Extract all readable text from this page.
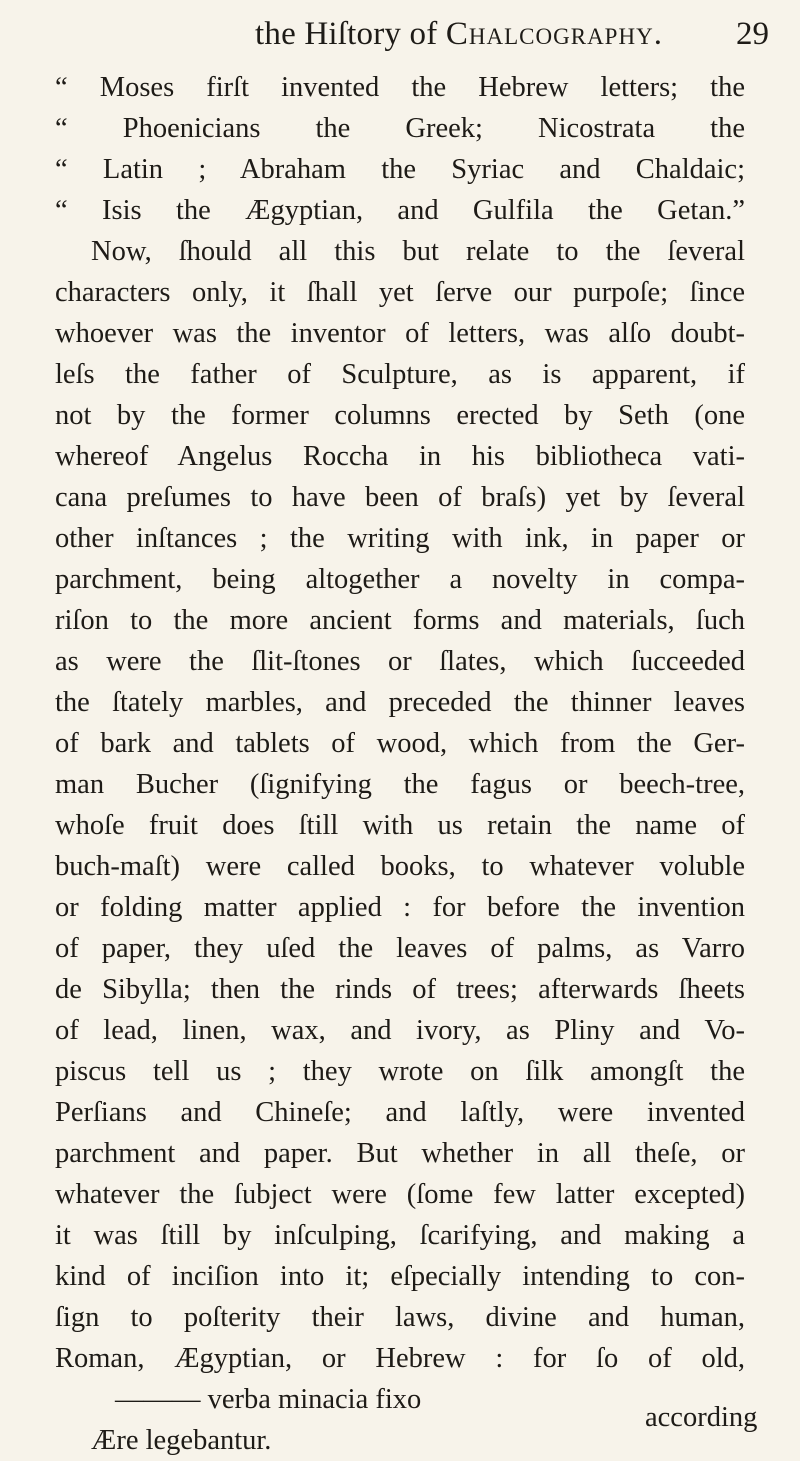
the Hiſtory of Chalcography. 29
“ Moses firſt invented the Hebrew letters; the
“ Phoenicians the Greek; Nicostrata the
“ Latin ; Abraham the Syriac and Chaldaic;
“ Isis the Ægyptian, and Gulfila the Getan.”
Now, ſhould all this but relate to the ſeveral
characters only, it ſhall yet ſerve our purpoſe; ſince
whoever was the inventor of letters, was alſo doubt-
leſs the father of Sculpture, as is apparent, if
not by the former columns erected by Seth (one
whereof Angelus Roccha in his bibliotheca vati-
cana preſumes to have been of braſs) yet by ſeveral
other inſtances ; the writing with ink, in paper or
parchment, being altogether a novelty in compa-
riſon to the more ancient forms and materials, ſuch
as were the ſlit-ſtones or ſlates, which ſucceeded
the ſtately marbles, and preceded the thinner leaves
of bark and tablets of wood, which from the Ger-
man Bucher (ſignifying the fagus or beech-tree,
whoſe fruit does ſtill with us retain the name of
buch-maſt) were called books, to whatever voluble
or folding matter applied : for before the invention
of paper, they uſed the leaves of palms, as Varro
de Sibylla; then the rinds of trees; afterwards ſheets
of lead, linen, wax, and ivory, as Pliny and Vo-
piscus tell us ; they wrote on ſilk amongſt the
Perſians and Chineſe; and laſtly, were invented
parchment and paper. But whether in all theſe, or
whatever the ſubject were (ſome few latter excepted)
it was ſtill by inſculping, ſcarifying, and making a
kind of inciſion into it; eſpecially intending to con-
ſign to poſterity their laws, divine and human,
Roman, Ægyptian, or Hebrew : for ſo of old,
——— verba minacia fixo
Ære legebantur.
according
